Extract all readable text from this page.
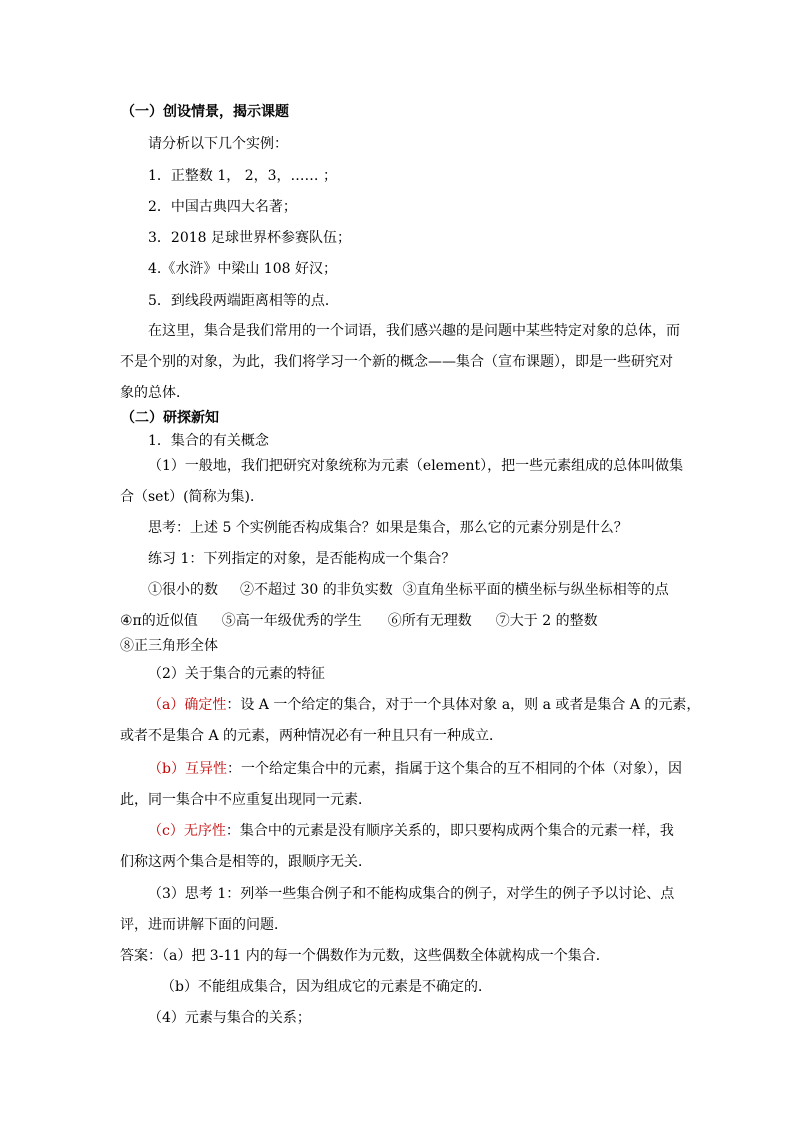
（一）创设情景，揭示课题
请分析以下几个实例：
1．正整数 1， 2，3，…… ；
2．中国古典四大名著；
3．2018 足球世界杯参赛队伍；
4.《水浒》中梁山 108 好汉；
5．到线段两端距离相等的点．
在这里，集合是我们常用的一个词语，我们感兴趣的是问题中某些特定对象的总体，而
不是个别的对象，为此，我们将学习一个新的概念——集合（宣布课题），即是一些研究对
象的总体．
（二）研探新知
1．集合的有关概念
（1）一般地，我们把研究对象统称为元素（element），把一些元素组成的总体叫做集
合（set）(简称为集)．
思考：上述 5 个实例能否构成集合？如果是集合，那么它的元素分别是什么？
练习 1：下列指定的对象，是否能构成一个集合？
①很小的数 ②不超过 30 的非负实数 ③直角坐标平面的横坐标与纵坐标相等的点
④π的近似值 ⑤高一年级优秀的学生 ⑥所有无理数 ⑦大于 2 的整数
⑧正三角形全体
（2）关于集合的元素的特征
（a）确定性：设 A 一个给定的集合，对于一个具体对象 a，则 a 或者是集合 A 的元素，
或者不是集合 A 的元素，两种情况必有一种且只有一种成立．
（b）互异性：一个给定集合中的元素，指属于这个集合的互不相同的个体（对象），因
此，同一集合中不应重复出现同一元素．
（c）无序性：集合中的元素是没有顺序关系的，即只要构成两个集合的元素一样，我
们称这两个集合是相等的，跟顺序无关．
（3）思考 1：列举一些集合例子和不能构成集合的例子，对学生的例子予以讨论、点
评，进而讲解下面的问题．
答案：（a）把 3-11 内的每一个偶数作为元数，这些偶数全体就构成一个集合．
（b）不能组成集合，因为组成它的元素是不确定的．
（4）元素与集合的关系；
